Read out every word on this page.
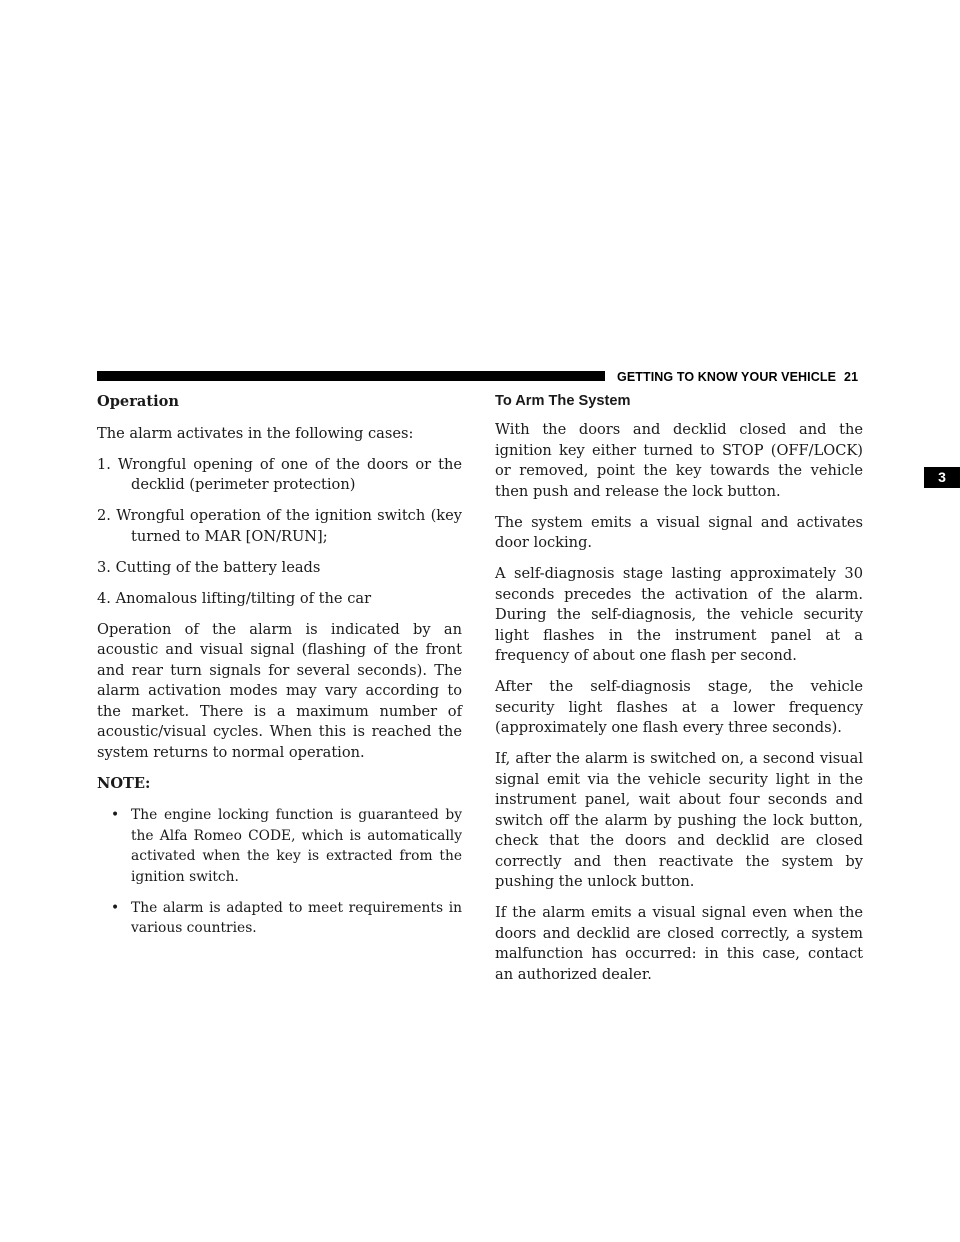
GETTING TO KNOW YOUR VEHICLE 21
3

Operation

The alarm activates in the following cases:

1. Wrongful opening of one of the doors or the decklid (perimeter protection)
2. Wrongful operation of the ignition switch (key turned to MAR [ON/RUN];
3. Cutting of the battery leads
4. Anomalous lifting/tilting of the car

Operation of the alarm is indicated by an acoustic and visual signal (flashing of the front and rear turn signals for several seconds). The alarm activation modes may vary according to the market. There is a maximum number of acoustic/visual cycles. When this is reached the system returns to normal operation.

NOTE:

• The engine locking function is guaranteed by the Alfa Romeo CODE, which is automatically activated when the key is extracted from the ignition switch.
• The alarm is adapted to meet requirements in various countries.

To Arm The System

With the doors and decklid closed and the ignition key either turned to STOP (OFF/LOCK) or removed, point the key towards the vehicle then push and release the lock button.

The system emits a visual signal and activates door locking.

A self-diagnosis stage lasting approximately 30 seconds precedes the activation of the alarm. During the self-diagnosis, the vehicle security light flashes in the instrument panel at a frequency of about one flash per second.

After the self-diagnosis stage, the vehicle security light flashes at a lower frequency (approximately one flash every three seconds).

If, after the alarm is switched on, a second visual signal emit via the vehicle security light in the instrument panel, wait about four seconds and switch off the alarm by pushing the lock button, check that the doors and decklid are closed correctly and then reactivate the system by pushing the unlock button.

If the alarm emits a visual signal even when the doors and decklid are closed correctly, a system malfunction has occurred: in this case, contact an authorized dealer.
